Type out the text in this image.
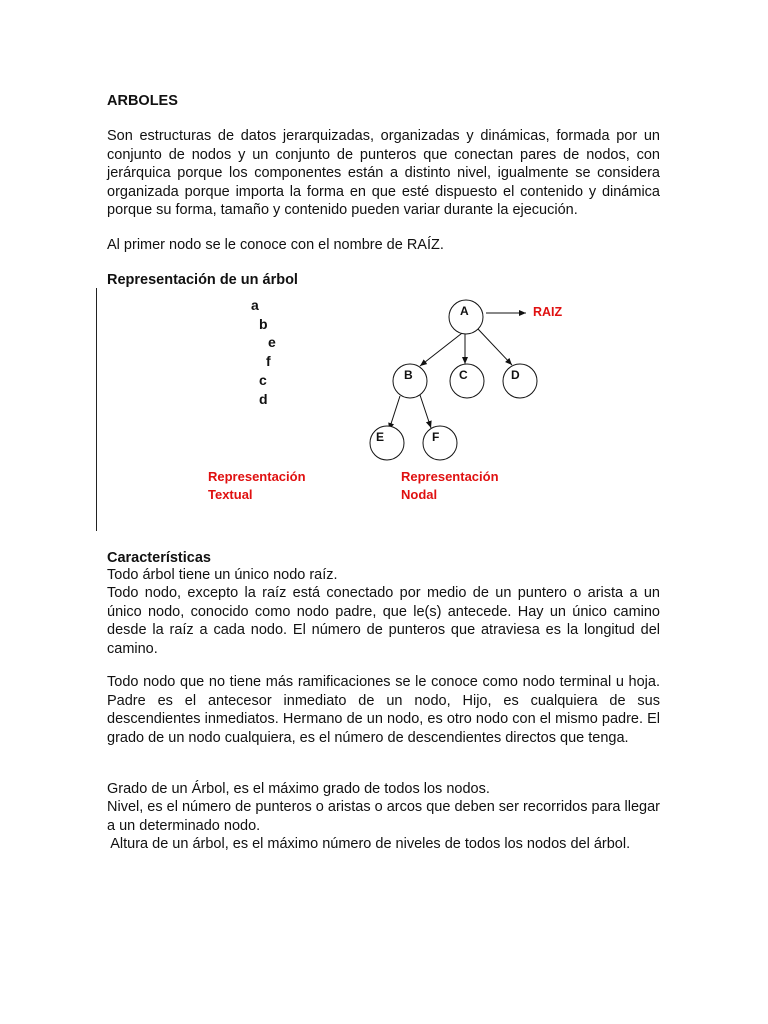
ARBOLES

Son estructuras de datos jerarquizadas, organizadas y dinámicas, formada por un conjunto de nodos y un conjunto de punteros que conectan pares de nodos, con jerárquica porque los componentes están a distinto nivel, igualmente se considera organizada porque importa la forma en que esté dispuesto el contenido y dinámica porque su forma, tamaño y contenido pueden variar durante la ejecución.

Al primer nodo se le conoce con el nombre de RAÍZ.

Representación de un árbol
a
b
e
f
c
d
A
B	C	D
E	F
RAIZ
Representación
Textual
Representación
Nodal
Características

Todo árbol tiene un único nodo raíz.

Todo nodo, excepto la raíz está conectado por medio de un puntero o arista a un único nodo, conocido como nodo padre, que le(s) antecede. Hay un único camino desde la raíz a cada nodo. El número de punteros que atraviesa es la longitud del camino.

Todo nodo que no tiene más ramificaciones se le conoce como nodo terminal u hoja. Padre es el antecesor inmediato de un nodo, Hijo, es cualquiera de sus descendientes inmediatos. Hermano de un nodo, es otro nodo con el mismo padre. El grado de un nodo cualquiera, es el número de descendientes directos que tenga.

Grado de un Árbol, es el máximo grado de todos los nodos.

Nivel, es el número de punteros o aristas o arcos que deben ser recorridos para llegar a un determinado nodo.

Altura de un árbol, es el máximo número de niveles de todos los nodos del árbol.
